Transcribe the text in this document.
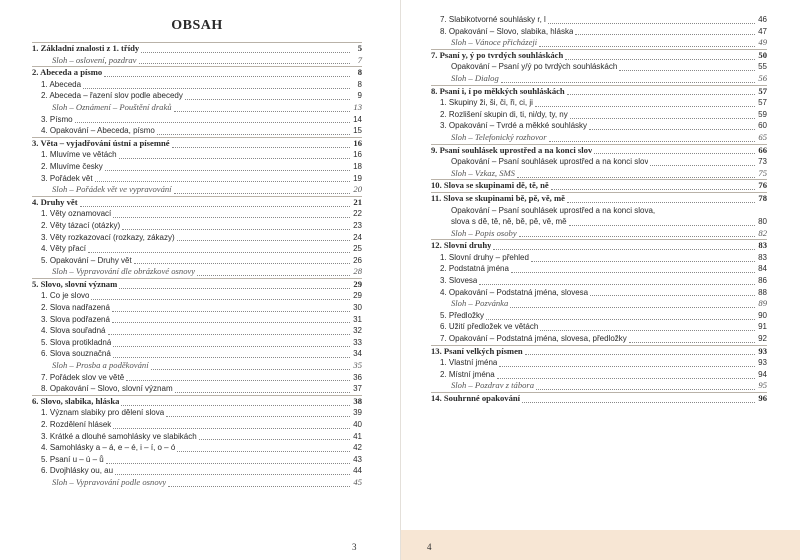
OBSAH
1. Základní znalosti z 1. třídy	5
Sloh – oslovení, pozdrav	7
2. Abeceda a písmo	8
1. Abeceda	8
2. Abeceda – řazení slov podle abecedy	9
Sloh – Oznámení – Pouštění draků	13
3. Písmo	14
4. Opakování – Abeceda, písmo	15
3. Věta – vyjadřování ústní a písemné	16
1. Mluvíme ve větách	16
2. Mluvíme česky	18
3. Pořádek vět	19
Sloh – Pořádek vět ve vypravování	20
4. Druhy vět	21
1. Věty oznamovací	22
2. Věty tázací (otázky)	23
3. Věty rozkazovací (rozkazy, zákazy)	24
4. Věty přací	25
5. Opakování – Druhy vět	26
Sloh – Vypravování dle obrázkové osnovy	28
5. Slovo, slovní význam	29
1. Co je slovo	29
2. Slova nadřazená	30
3. Slova podřazená	31
4. Slova souřadná	32
5. Slova protikladná	33
6. Slova souznačná	34
Sloh – Prosba a poděkování	35
7. Pořádek slov ve větě	36
8. Opakování – Slovo, slovní význam	37
6. Slovo, slabika, hláska	38
1. Význam slabiky pro dělení slova	39
2. Rozdělení hlásek	40
3. Krátké a dlouhé samohlásky ve slabikách	41
4. Samohlásky a – á, e – é, i – í, o – ó	42
5. Psaní u – ú – ů	43
6. Dvojhlásky ou, au	44
Sloh – Vypravování podle osnovy	45
3
7. Slabikotvorné souhlásky r, l	46
8. Opakování – Slovo, slabika, hláska	47
Sloh – Vánoce přicházejí	49
7. Psaní y, ý po tvrdých souhláskách	50
Opakování – Psaní y/ý po tvrdých souhláskách	55
Sloh – Dialog	56
8. Psaní i, í po měkkých souhláskách	57
1. Skupiny ži, ši, či, ři, ci, ji	57
2. Rozlišení skupin di, ti, ni/dy, ty, ny	59
3. Opakování – Tvrdé a měkké souhlásky	60
Sloh – Telefonický rozhovor	65
9. Psaní souhlásek uprostřed a na konci slov	66
Opakování – Psaní souhlásek uprostřed a na konci slov	73
Sloh – Vzkaz, SMS	75
10. Slova se skupinami dě, tě, ně	76
11. Slova se skupinami bě, pě, vě, mě	78
Opakování – Psaní souhlásek uprostřed a na konci slova,
slova s dě, tě, ně, bě, pě, vě, mě	80
Sloh – Popis osoby	82
12. Slovní druhy	83
1. Slovní druhy – přehled	83
2. Podstatná jména	84
3. Slovesa	86
4. Opakování – Podstatná jména, slovesa	88
Sloh – Pozvánka	89
5. Předložky	90
6. Užití předložek ve větách	91
7. Opakování – Podstatná jména, slovesa, předložky	92
13. Psaní velkých písmen	93
1. Vlastní jména	93
2. Místní jména	94
Sloh – Pozdrav z tábora	95
14. Souhrnné opakování	96
4
